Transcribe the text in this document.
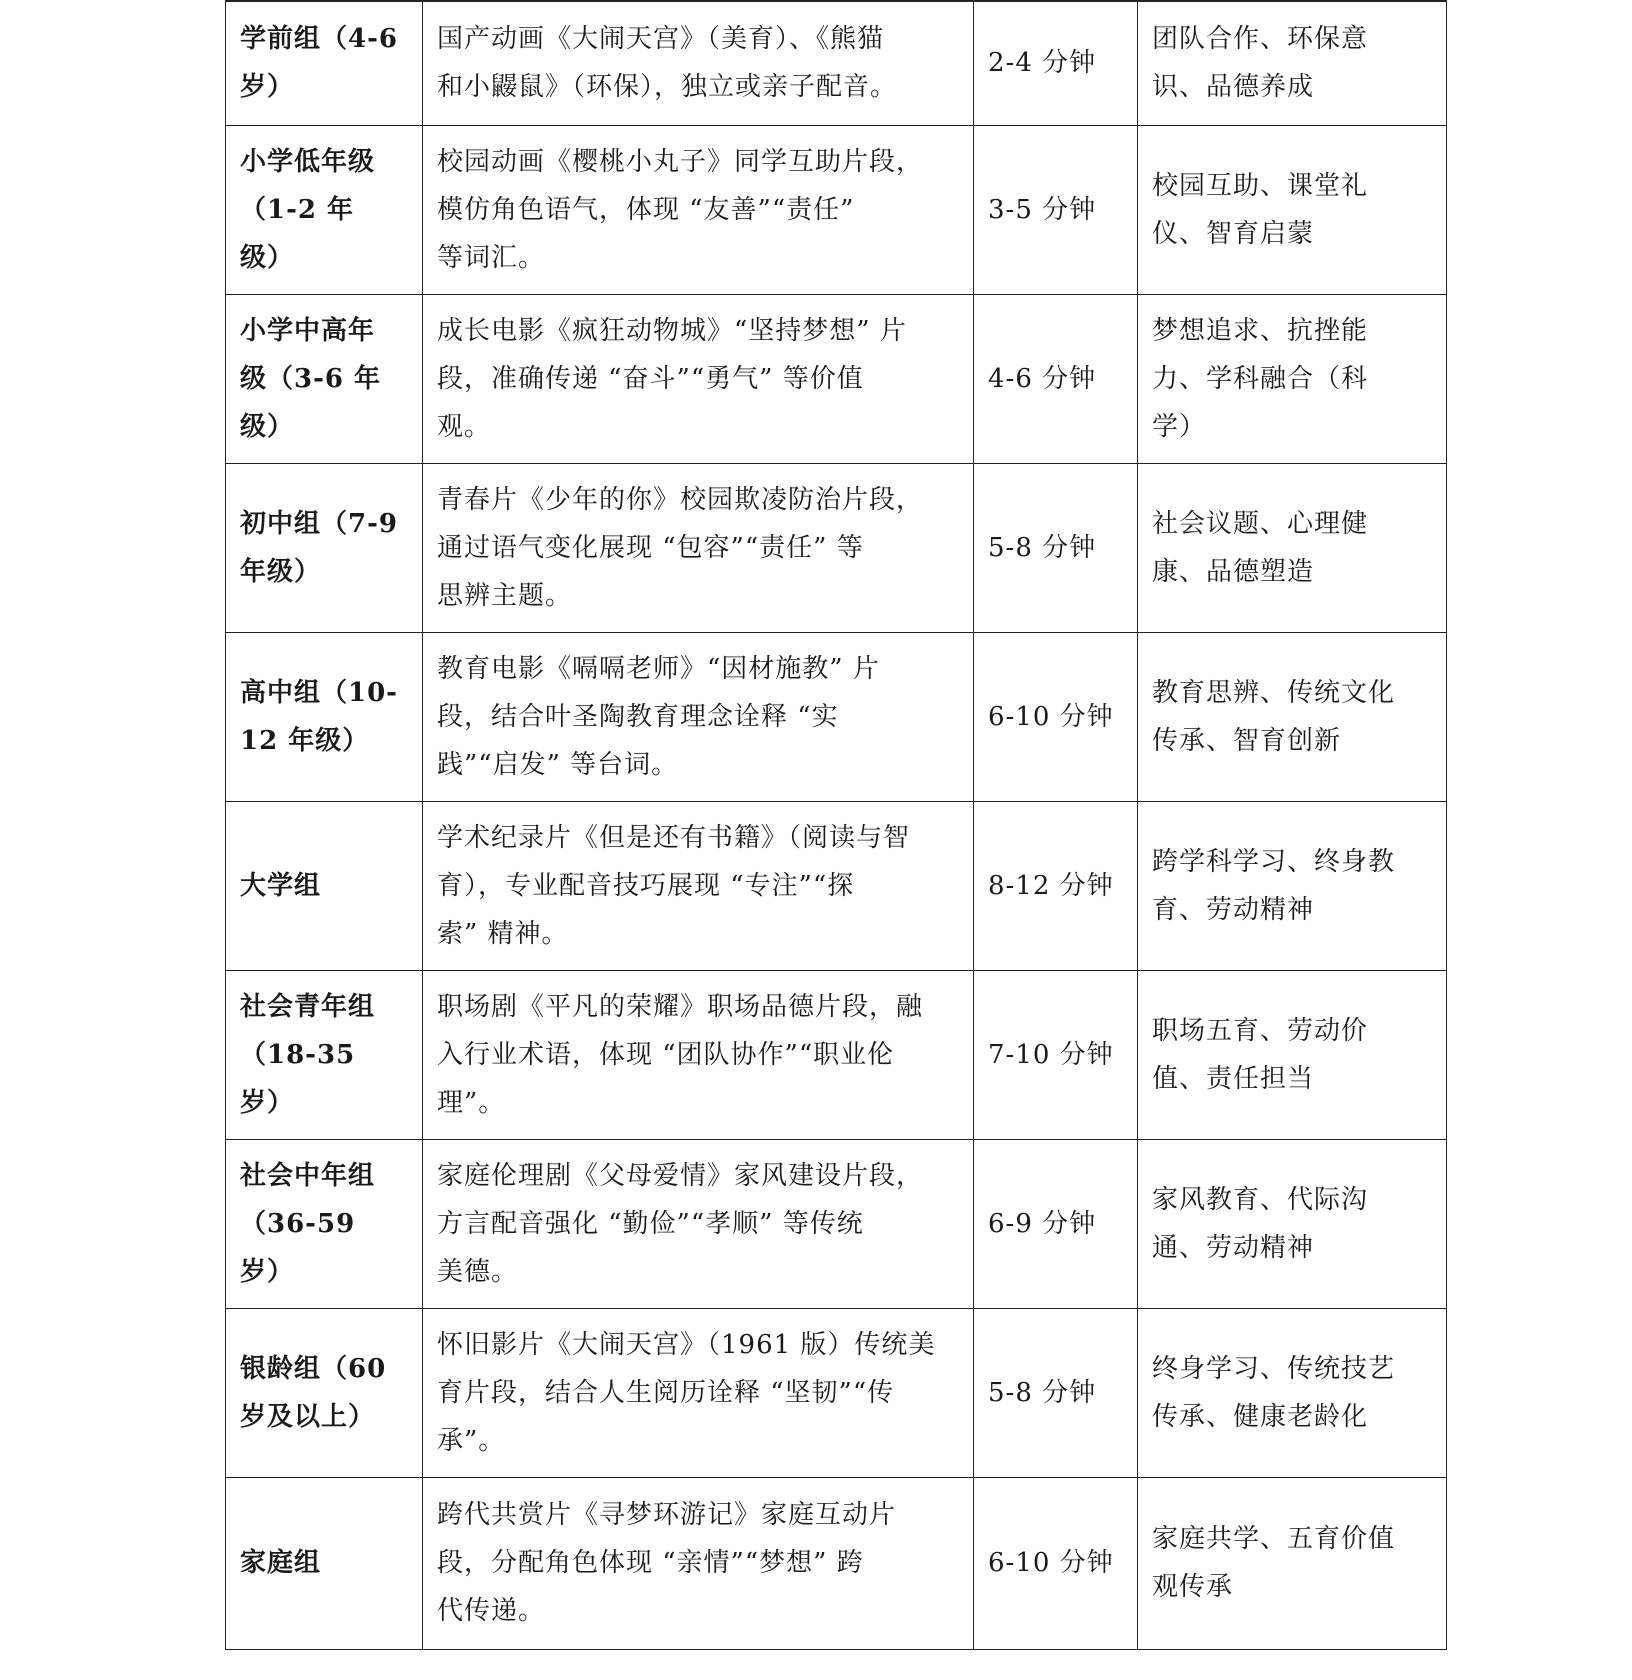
学前组（4-6
岁）	国产动画《大闹天宫》（美育）、《熊猫
和小鼹鼠》（环保），独立或亲子配音。	2-4 分钟	团队合作、环保意
识、品德养成

小学低年级
（1-2 年
级）	校园动画《樱桃小丸子》同学互助片段，
模仿角色语气，体现 “友善”“责任”
等词汇。	3-5 分钟	校园互助、课堂礼
仪、智育启蒙

小学中高年
级（3-6 年
级）	成长电影《疯狂动物城》“坚持梦想” 片
段，准确传递 “奋斗”“勇气” 等价值
观。	4-6 分钟	梦想追求、抗挫能
力、学科融合（科
学）

初中组（7-9
年级）	青春片《少年的你》校园欺凌防治片段，
通过语气变化展现 “包容”“责任” 等
思辨主题。	5-8 分钟	社会议题、心理健
康、品德塑造

高中组（10-
12 年级）	教育电影《嗝嗝老师》“因材施教” 片
段，结合叶圣陶教育理念诠释 “实
践”“启发” 等台词。	6-10 分钟	教育思辨、传统文化
传承、智育创新

大学组	学术纪录片《但是还有书籍》（阅读与智
育），专业配音技巧展现 “专注”“探
索” 精神。	8-12 分钟	跨学科学习、终身教
育、劳动精神

社会青年组
（18-35
岁）	职场剧《平凡的荣耀》职场品德片段，融
入行业术语，体现 “团队协作”“职业伦
理”。	7-10 分钟	职场五育、劳动价
值、责任担当

社会中年组
（36-59
岁）	家庭伦理剧《父母爱情》家风建设片段，
方言配音强化 “勤俭”“孝顺” 等传统
美德。	6-9 分钟	家风教育、代际沟
通、劳动精神

银龄组（60
岁及以上）	怀旧影片《大闹天宫》（1961 版）传统美
育片段，结合人生阅历诠释 “坚韧”“传
承”。	5-8 分钟	终身学习、传统技艺
传承、健康老龄化

家庭组	跨代共赏片《寻梦环游记》家庭互动片
段，分配角色体现 “亲情”“梦想” 跨
代传递。	6-10 分钟	家庭共学、五育价值
观传承
